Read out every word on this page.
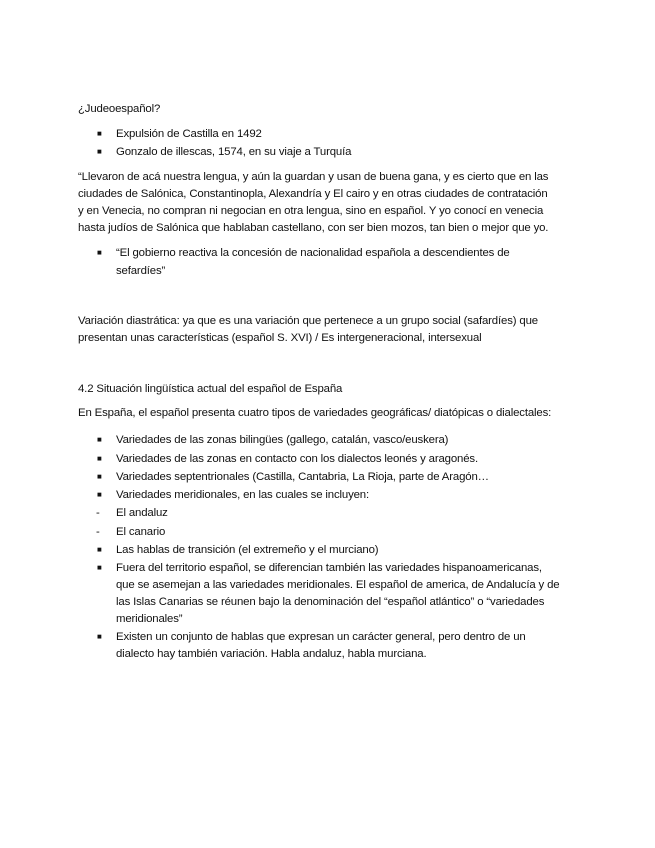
¿Judeoespañol?
■ Expulsión de Castilla en 1492
■ Gonzalo de illescas, 1574, en su viaje a Turquía
“Llevaron de acá nuestra lengua, y aún la guardan y usan de buena gana, y es cierto que en las
ciudades de Salónica, Constantinopla, Alexandría y El cairo y en otras ciudades de contratación
y en Venecia, no compran ni negocian en otra lengua, sino en español. Y yo conocí en venecia
hasta judíos de Salónica que hablaban castellano, con ser bien mozos, tan bien o mejor que yo.
■ “El gobierno reactiva la concesión de nacionalidad española a descendientes de
sefardíes”
Variación diastrática: ya que es una variación que pertenece a un grupo social (safardíes) que
presentan unas características (español S. XVI) / Es intergeneracional, intersexual
4.2 Situación lingüística actual del español de España
En España, el español presenta cuatro tipos de variedades geográficas/ diatópicas o dialectales:
■ Variedades de las zonas bilingües (gallego, catalán, vasco/euskera)
■ Variedades de las zonas en contacto con los dialectos leonés y aragonés.
■ Variedades septentrionales (Castilla, Cantabria, La Rioja, parte de Aragón…
■ Variedades meridionales, en las cuales se incluyen:
- El andaluz
- El canario
■ Las hablas de transición (el extremeño y el murciano)
■ Fuera del territorio español, se diferencian también las variedades hispanoamericanas,
que se asemejan a las variedades meridionales. El español de america, de Andalucía y de
las Islas Canarias se réunen bajo la denominación del “español atlántico” o “variedades
meridionales”
■ Existen un conjunto de hablas que expresan un carácter general, pero dentro de un
dialecto hay también variación. Habla andaluz, habla murciana.
